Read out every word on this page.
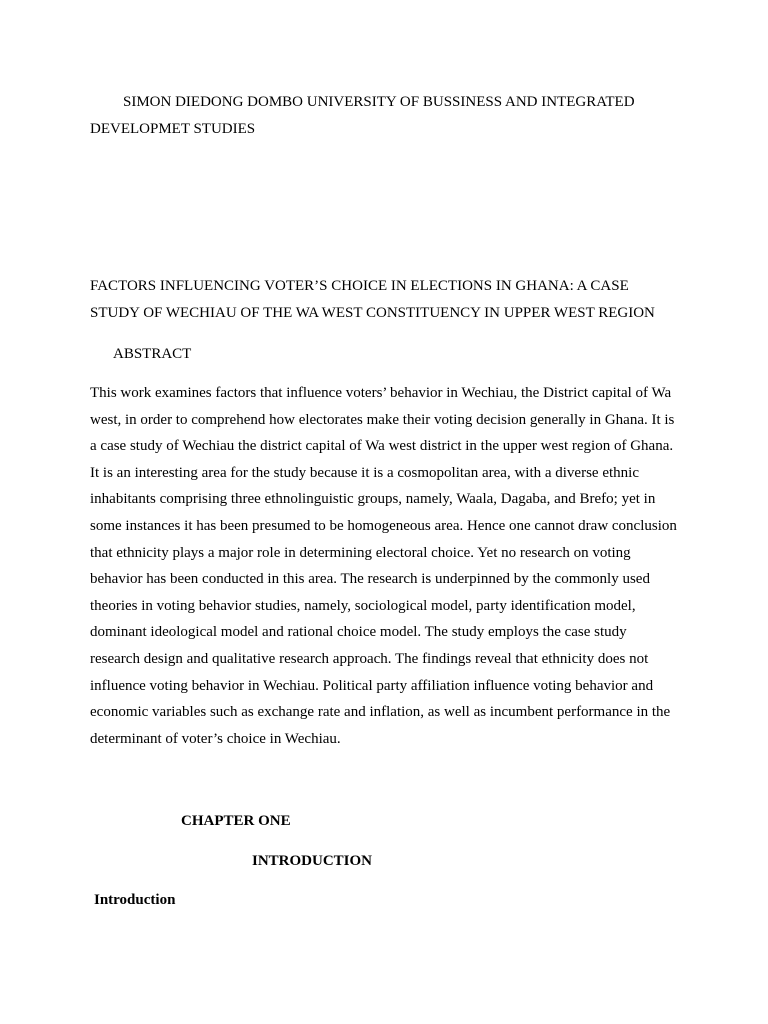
SIMON DIEDONG DOMBO UNIVERSITY OF BUSSINESS AND INTEGRATED DEVELOPMET STUDIES

FACTORS INFLUENCING VOTER’S CHOICE IN ELECTIONS IN GHANA: A CASE STUDY OF WECHIAU OF THE WA WEST CONSTITUENCY IN UPPER WEST REGION

ABSTRACT

This work examines factors that influence voters’ behavior in Wechiau, the District capital of Wa west, in order to comprehend how electorates make their voting decision generally in Ghana. It is a case study of Wechiau the district capital of Wa west district in the upper west region of Ghana. It is an interesting area for the study because it is a cosmopolitan area, with a diverse ethnic inhabitants comprising three ethnolinguistic groups, namely, Waala, Dagaba, and Brefo; yet in some instances it has been presumed to be homogeneous area. Hence one cannot draw conclusion that ethnicity plays a major role in determining electoral choice. Yet no research on voting behavior has been conducted in this area. The research is underpinned by the commonly used theories in voting behavior studies, namely, sociological model, party identification model, dominant ideological model and rational choice model. The study employs the case study research design and qualitative research approach. The findings reveal that ethnicity does not influence voting behavior in Wechiau. Political party affiliation influence voting behavior and economic variables such as exchange rate and inflation, as well as incumbent performance in the determinant of voter’s choice in Wechiau.

CHAPTER ONE

INTRODUCTION

Introduction
